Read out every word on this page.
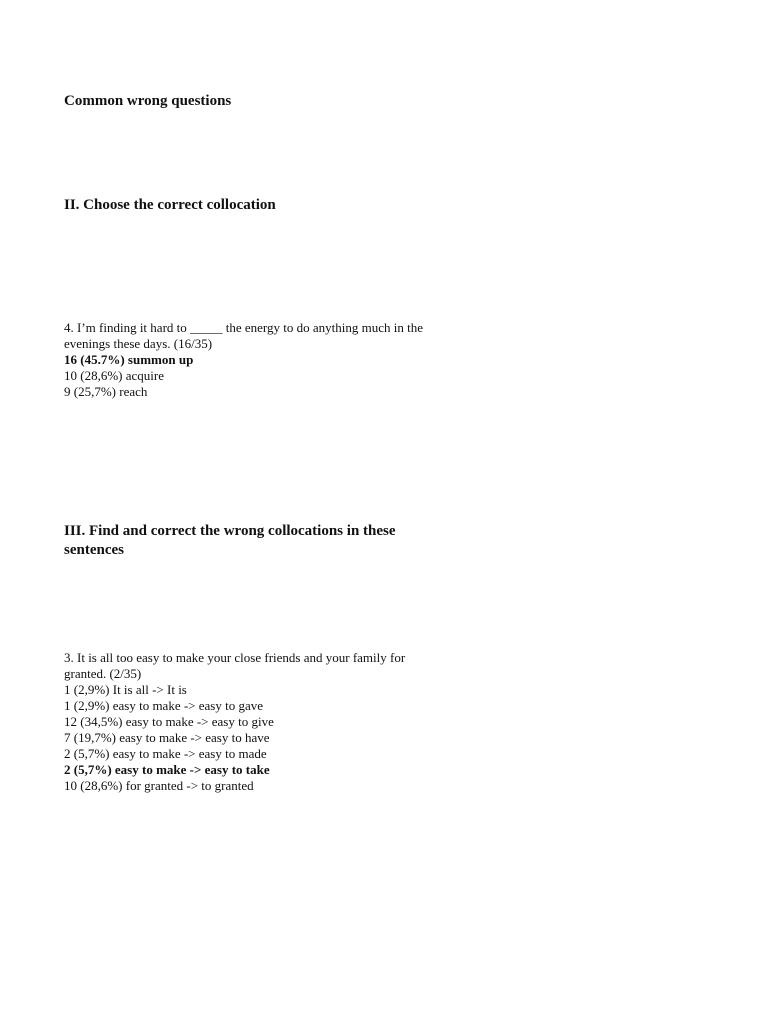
Common wrong questions
II. Choose the correct collocation
4. I’m finding it hard to _____ the energy to do anything much in the evenings these days. (16/35)
16 (45.7%) summon up
10 (28,6%) acquire
9 (25,7%) reach
III. Find and correct the wrong collocations in these sentences
3. It is all too easy to make your close friends and your family for granted. (2/35)
1 (2,9%) It is all -> It is
1 (2,9%) easy to make -> easy to gave
12 (34,5%) easy to make -> easy to give
7 (19,7%) easy to make -> easy to have
2 (5,7%) easy to make -> easy to made
2 (5,7%) easy to make -> easy to take
10 (28,6%) for granted -> to granted
